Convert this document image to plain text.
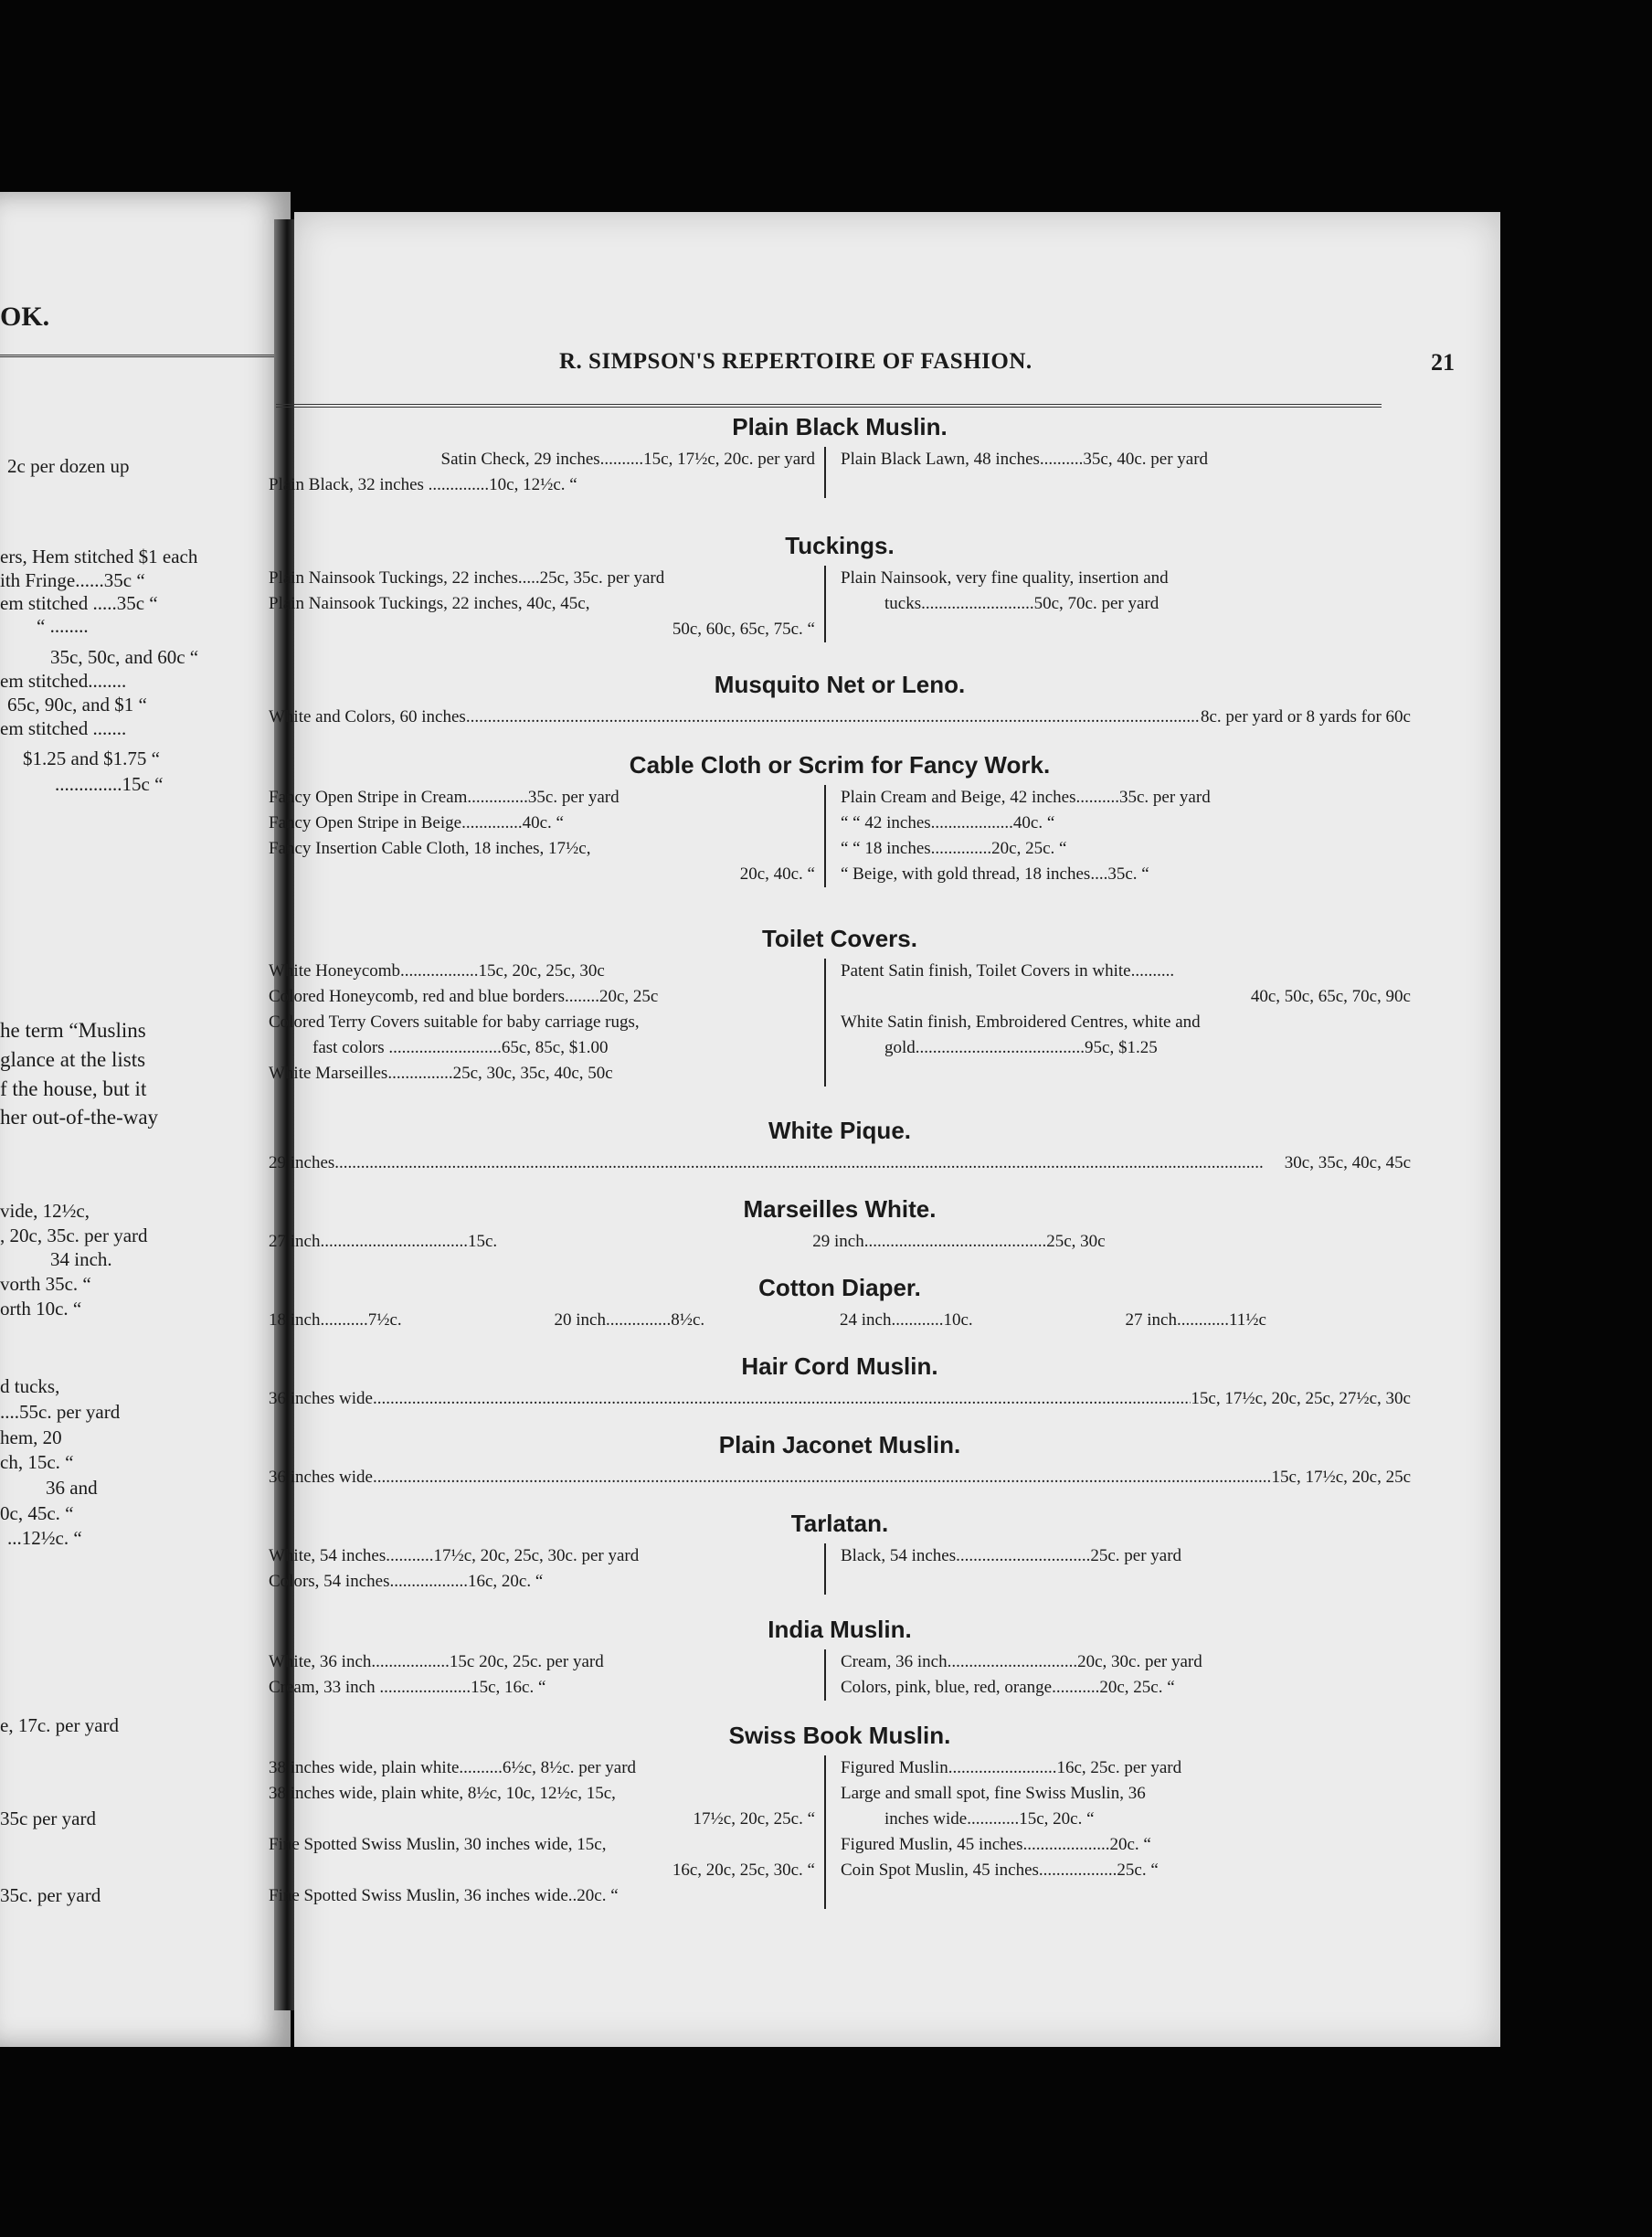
OK.
2c per dozen up
ers, Hem stitched $1 each
ith Fringe......35c “
em stitched .....35c “
“ ........
35c, 50c, and 60c “
em stitched........
65c, 90c, and $1 “
em stitched .......
$1.25 and $1.75 “
..............15c “
he term “Muslins
glance at the lists
f the house, but it
her out-of-the-way
vide, 12½c,
, 20c, 35c. per yard
34 inch.
vorth 35c. “
orth 10c. “
d tucks,
....55c. per yard
hem, 20
ch, 15c. “
36 and
0c, 45c. “
...12½c. “
e, 17c. per yard
35c per yard
35c. per yard
R. SIMPSON'S REPERTOIRE OF FASHION.	21
Plain Black Muslin.
Satin Check, 29 inches..........15c, 17½c, 20c. per yard
Plain Black, 32 inches ..............10c, 12½c. “
Plain Black Lawn, 48 inches..........35c, 40c. per yard
Tuckings.
Plain Nainsook Tuckings, 22 inches.....25c, 35c. per yard
Plain Nainsook Tuckings, 22 inches, 40c, 45c,
50c, 60c, 65c, 75c. “
Plain Nainsook, very fine quality, insertion and
tucks..........................50c, 70c. per yard
Musquito Net or Leno.
White and Colors, 60 inches .....	8c. per yard or 8 yards for 60c
Cable Cloth or Scrim for Fancy Work.
Fancy Open Stripe in Cream..............35c. per yard
Fancy Open Stripe in Beige..............40c. “
Fancy Insertion Cable Cloth, 18 inches, 17½c,
20c, 40c. “
Plain Cream and Beige, 42 inches..........35c. per yard
“ “ 42 inches...................40c. “
“ “ 18 inches..............20c, 25c. “
“ Beige, with gold thread, 18 inches....35c. “
Toilet Covers.
White Honeycomb..................15c, 20c, 25c, 30c
Colored Honeycomb, red and blue borders........20c, 25c
Colored Terry Covers suitable for baby carriage rugs,
fast colors ..........................65c, 85c, $1.00
White Marseilles...............25c, 30c, 35c, 40c, 50c
Patent Satin finish, Toilet Covers in white..........
40c, 50c, 65c, 70c, 90c
White Satin finish, Embroidered Centres, white and
gold.......................................95c, $1.25
White Pique.
29 inches .....	30c, 35c, 40c, 45c
Marseilles White.
27 inch..................................15c.	29 inch..........................................25c, 30c
Cotton Diaper.
18 inch...........7½c.	20 inch...............8½c.	24 inch............10c.	27 inch............11½c
Hair Cord Muslin.
36 inches wide .....	15c, 17½c, 20c, 25c, 27½c, 30c
Plain Jaconet Muslin.
36 inches wide .....	15c, 17½c, 20c, 25c
Tarlatan.
White, 54 inches...........17½c, 20c, 25c, 30c. per yard
Colors, 54 inches..................16c, 20c. “
Black, 54 inches...............................25c. per yard
India Muslin.
White, 36 inch..................15c 20c, 25c. per yard
Cream, 33 inch .....................15c, 16c. “
Cream, 36 inch..............................20c, 30c. per yard
Colors, pink, blue, red, orange...........20c, 25c. “
Swiss Book Muslin.
38 inches wide, plain white..........6½c, 8½c. per yard
38 inches wide, plain white, 8½c, 10c, 12½c, 15c,
17½c, 20c, 25c. “
Fine Spotted Swiss Muslin, 30 inches wide, 15c,
16c, 20c, 25c, 30c. “
Fine Spotted Swiss Muslin, 36 inches wide..20c. “
Figured Muslin.........................16c, 25c. per yard
Large and small spot, fine Swiss Muslin, 36
inches wide............15c, 20c. “
Figured Muslin, 45 inches....................20c. “
Coin Spot Muslin, 45 inches..................25c. “
